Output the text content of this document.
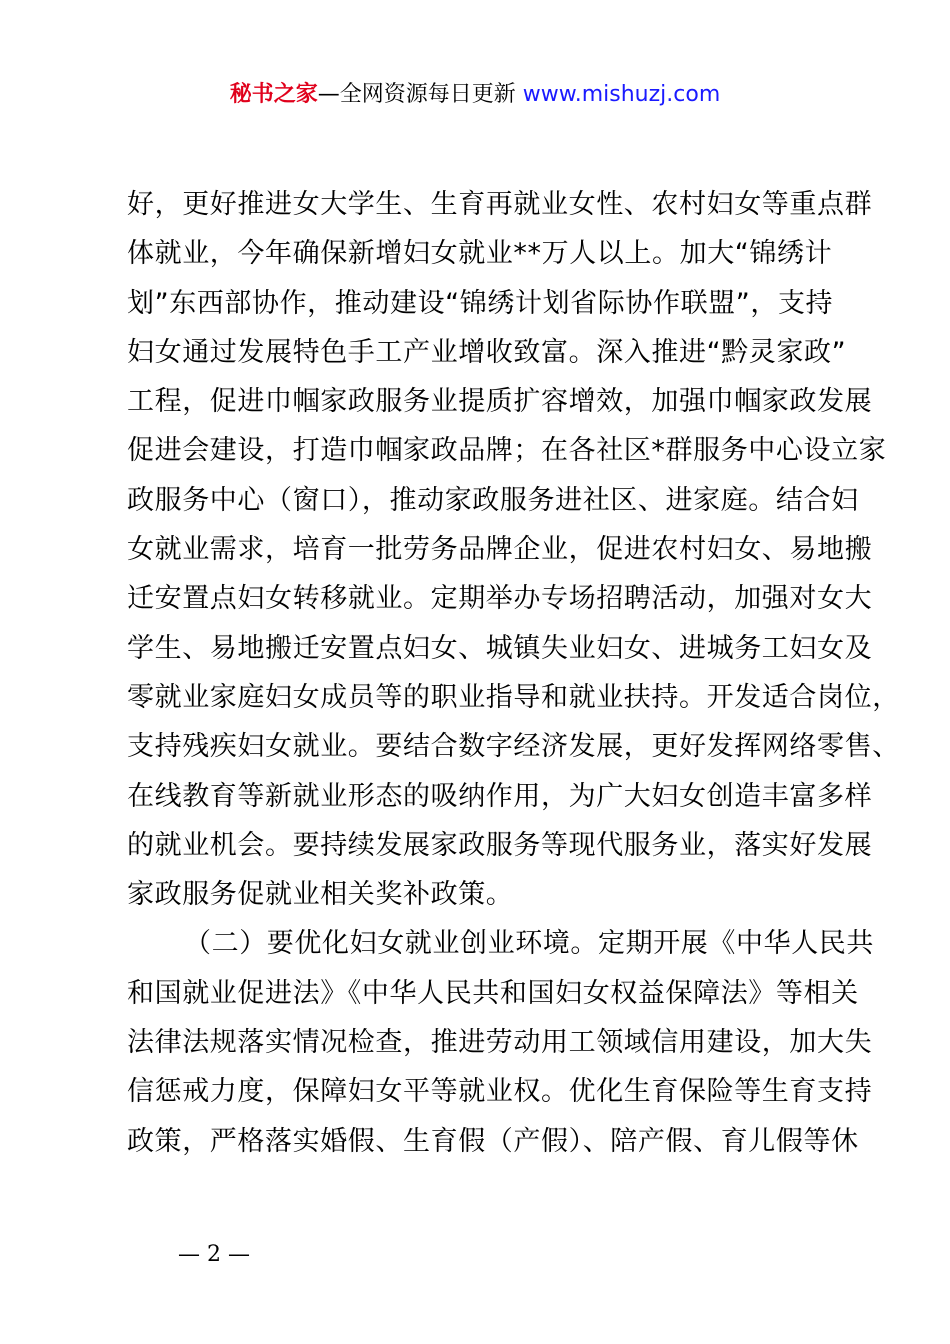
秘书之家—全网资源每日更新 www.mishuzj.com
好，更好推进女大学生、生育再就业女性、农村妇女等重点群
体就业，今年确保新增妇女就业**万人以上。加大“锦绣计
划”东西部协作，推动建设“锦绣计划省际协作联盟”，支持
妇女通过发展特色手工产业增收致富。深入推进“黔灵家政”
工程，促进巾帼家政服务业提质扩容增效，加强巾帼家政发展
促进会建设，打造巾帼家政品牌；在各社区*群服务中心设立家
政服务中心（窗口），推动家政服务进社区、进家庭。结合妇
女就业需求，培育一批劳务品牌企业，促进农村妇女、易地搬
迁安置点妇女转移就业。定期举办专场招聘活动，加强对女大
学生、易地搬迁安置点妇女、城镇失业妇女、进城务工妇女及
零就业家庭妇女成员等的职业指导和就业扶持。开发适合岗位，
支持残疾妇女就业。要结合数字经济发展，更好发挥网络零售、
在线教育等新就业形态的吸纳作用，为广大妇女创造丰富多样
的就业机会。要持续发展家政服务等现代服务业，落实好发展
家政服务促就业相关奖补政策。
（二）要优化妇女就业创业环境。定期开展《中华人民共
和国就业促进法》《中华人民共和国妇女权益保障法》等相关
法律法规落实情况检查，推进劳动用工领域信用建设，加大失
信惩戒力度，保障妇女平等就业权。优化生育保险等生育支持
政策，严格落实婚假、生育假（产假）、陪产假、育儿假等休
— 2 —
